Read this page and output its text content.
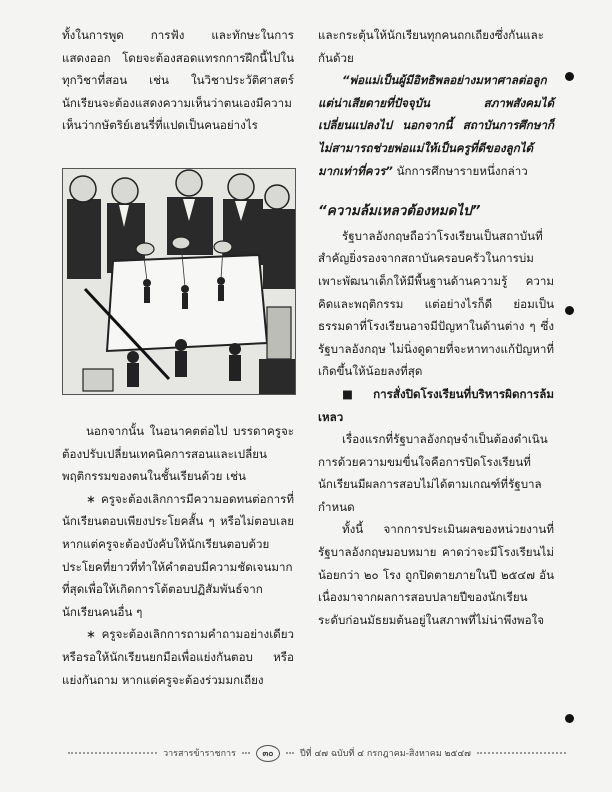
ทั้งในการพูด การฟัง และทักษะในการแสดงออก โดยจะต้องสอดแทรกการฝึกนี้ไปในทุกวิชาที่สอน เช่น ในวิชาประวัติศาสตร์ นักเรียนจะต้องแสดงความเห็นว่าตนเองมีความเห็นว่ากษัตริย์เฮนรี่ที่แปดเป็นคนอย่างไร

นอกจากนั้น ในอนาคตต่อไป บรรดาครูจะต้องปรับเปลี่ยนเทคนิคการสอนและเปลี่ยนพฤติกรรมของตนในชั้นเรียนด้วย เช่น

∗ ครูจะต้องเลิกการมีความอดทนต่อการที่นักเรียนตอบเพียงประโยคสั้น ๆ หรือไม่ตอบเลย หากแต่ครูจะต้องบังคับให้นักเรียนตอบด้วยประโยคที่ยาวที่ทำให้คำตอบมีความชัดเจนมากที่สุดเพื่อให้เกิดการโต้ตอบปฏิสัมพันธ์จากนักเรียนคนอื่น ๆ

∗ ครูจะต้องเลิกการถามคำถามอย่างเดียว หรือรอให้นักเรียนยกมือเพื่อแย่งกันตอบ หรือแย่งกันถาม หากแต่ครูจะต้องร่วมมกเถียง

และกระตุ้นให้นักเรียนทุกคนถกเถียงซึ่งกันและกันด้วย

“พ่อแม่เป็นผู้มีอิทธิพลอย่างมหาศาลต่อลูก แต่น่าเสียดายที่ปัจจุบัน สภาพสังคมได้เปลี่ยนแปลงไป นอกจากนี้ สถาบันการศึกษาก็ไม่สามารถช่วยพ่อแม่ให้เป็นครูที่ดีของลูกได้มากเท่าที่ควร” นักการศึกษารายหนึ่งกล่าว

“ความล้มเหลวต้องหมดไป”

รัฐบาลอังกฤษถือว่าโรงเรียนเป็นสถาบันที่สำคัญยิ่งรองจากสถาบันครอบครัวในการบ่มเพาะพัฒนาเด็กให้มีพื้นฐานด้านความรู้ ความคิดและพฤติกรรม แต่อย่างไรก็ดี ย่อมเป็นธรรมดาที่โรงเรียนอาจมีปัญหาในด้านต่าง ๆ ซึ่งรัฐบาลอังกฤษ ไม่นิ่งดูดายที่จะหาทางแก้ปัญหาที่เกิดขึ้นให้น้อยลงที่สุด

■ การสั่งปิดโรงเรียนที่บริหารผิดการล้มเหลว

เรื่องแรกที่รัฐบาลอังกฤษจำเป็นต้องดำเนินการด้วยความขมขื่นใจคือการปิดโรงเรียนที่นักเรียนมีผลการสอบไม่ได้ตามเกณฑ์ที่รัฐบาลกำหนด

ทั้งนี้ จากการประเมินผลของหน่วยงานที่รัฐบาลอังกฤษมอบหมาย คาดว่าจะมีโรงเรียนไม่น้อยกว่า ๒๐ โรง ถูกปิดตายภายในปี ๒๕๔๗ อันเนื่องมาจากผลการสอบปลายปีของนักเรียนระดับก่อนมัธยมต้นอยู่ในสภาพที่ไม่น่าพึงพอใจ

วารสารข้าราชการ	๓๐	ปีที่ ๔๗ ฉบับที่ ๔ กรกฎาคม-สิงหาคม ๒๕๔๗
